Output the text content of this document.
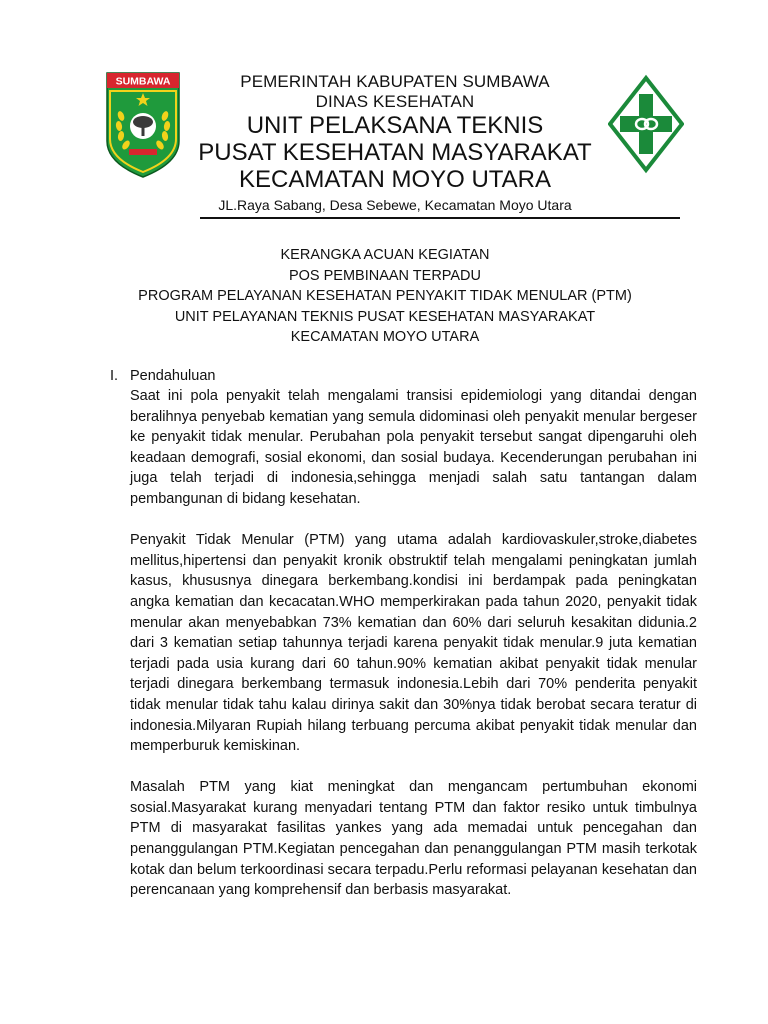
SUMBAWA	PEMERINTAH KABUPATEN SUMBAWA
DINAS KESEHATAN
UNIT PELAKSANA TEKNIS
PUSAT KESEHATAN MASYARAKAT
KECAMATAN MOYO UTARA
JL.Raya Sabang, Desa Sebewe, Kecamatan Moyo Utara
KERANGKA ACUAN KEGIATAN
POS PEMBINAAN TERPADU
PROGRAM PELAYANAN KESEHATAN PENYAKIT TIDAK MENULAR (PTM)
UNIT PELAYANAN TEKNIS PUSAT KESEHATAN MASYARAKAT
KECAMATAN MOYO UTARA
I. Pendahuluan

Saat ini pola penyakit telah mengalami transisi epidemiologi yang ditandai dengan beralihnya penyebab kematian yang semula didominasi oleh penyakit menular bergeser ke penyakit tidak menular. Perubahan pola penyakit tersebut sangat dipengaruhi oleh keadaan demografi, sosial ekonomi, dan sosial budaya. Kecenderungan perubahan ini juga telah terjadi di indonesia,sehingga menjadi salah satu tantangan dalam pembangunan di bidang kesehatan.

Penyakit Tidak Menular (PTM) yang utama adalah kardiovaskuler,stroke,diabetes mellitus,hipertensi dan penyakit kronik obstruktif telah mengalami peningkatan jumlah kasus, khususnya dinegara berkembang.kondisi ini berdampak pada peningkatan angka kematian dan kecacatan.WHO memperkirakan pada tahun 2020, penyakit tidak menular akan menyebabkan 73% kematian dan 60% dari seluruh kesakitan didunia.2 dari 3 kematian setiap tahunnya terjadi karena penyakit tidak menular.9 juta kematian terjadi pada usia kurang dari 60 tahun.90% kematian akibat penyakit tidak menular terjadi dinegara berkembang termasuk indonesia.Lebih dari 70% penderita penyakit tidak menular tidak tahu kalau dirinya sakit dan 30%nya tidak berobat secara teratur di indonesia.Milyaran Rupiah hilang terbuang percuma akibat penyakit tidak menular dan memperburuk kemiskinan.

Masalah PTM yang kiat meningkat dan mengancam pertumbuhan ekonomi sosial.Masyarakat kurang menyadari tentang PTM dan faktor resiko untuk timbulnya PTM di masyarakat fasilitas yankes yang ada memadai untuk pencegahan dan penanggulangan PTM.Kegiatan pencegahan dan penanggulangan PTM masih terkotak kotak dan belum terkoordinasi secara terpadu.Perlu reformasi pelayanan kesehatan dan perencanaan yang komprehensif dan berbasis masyarakat.
